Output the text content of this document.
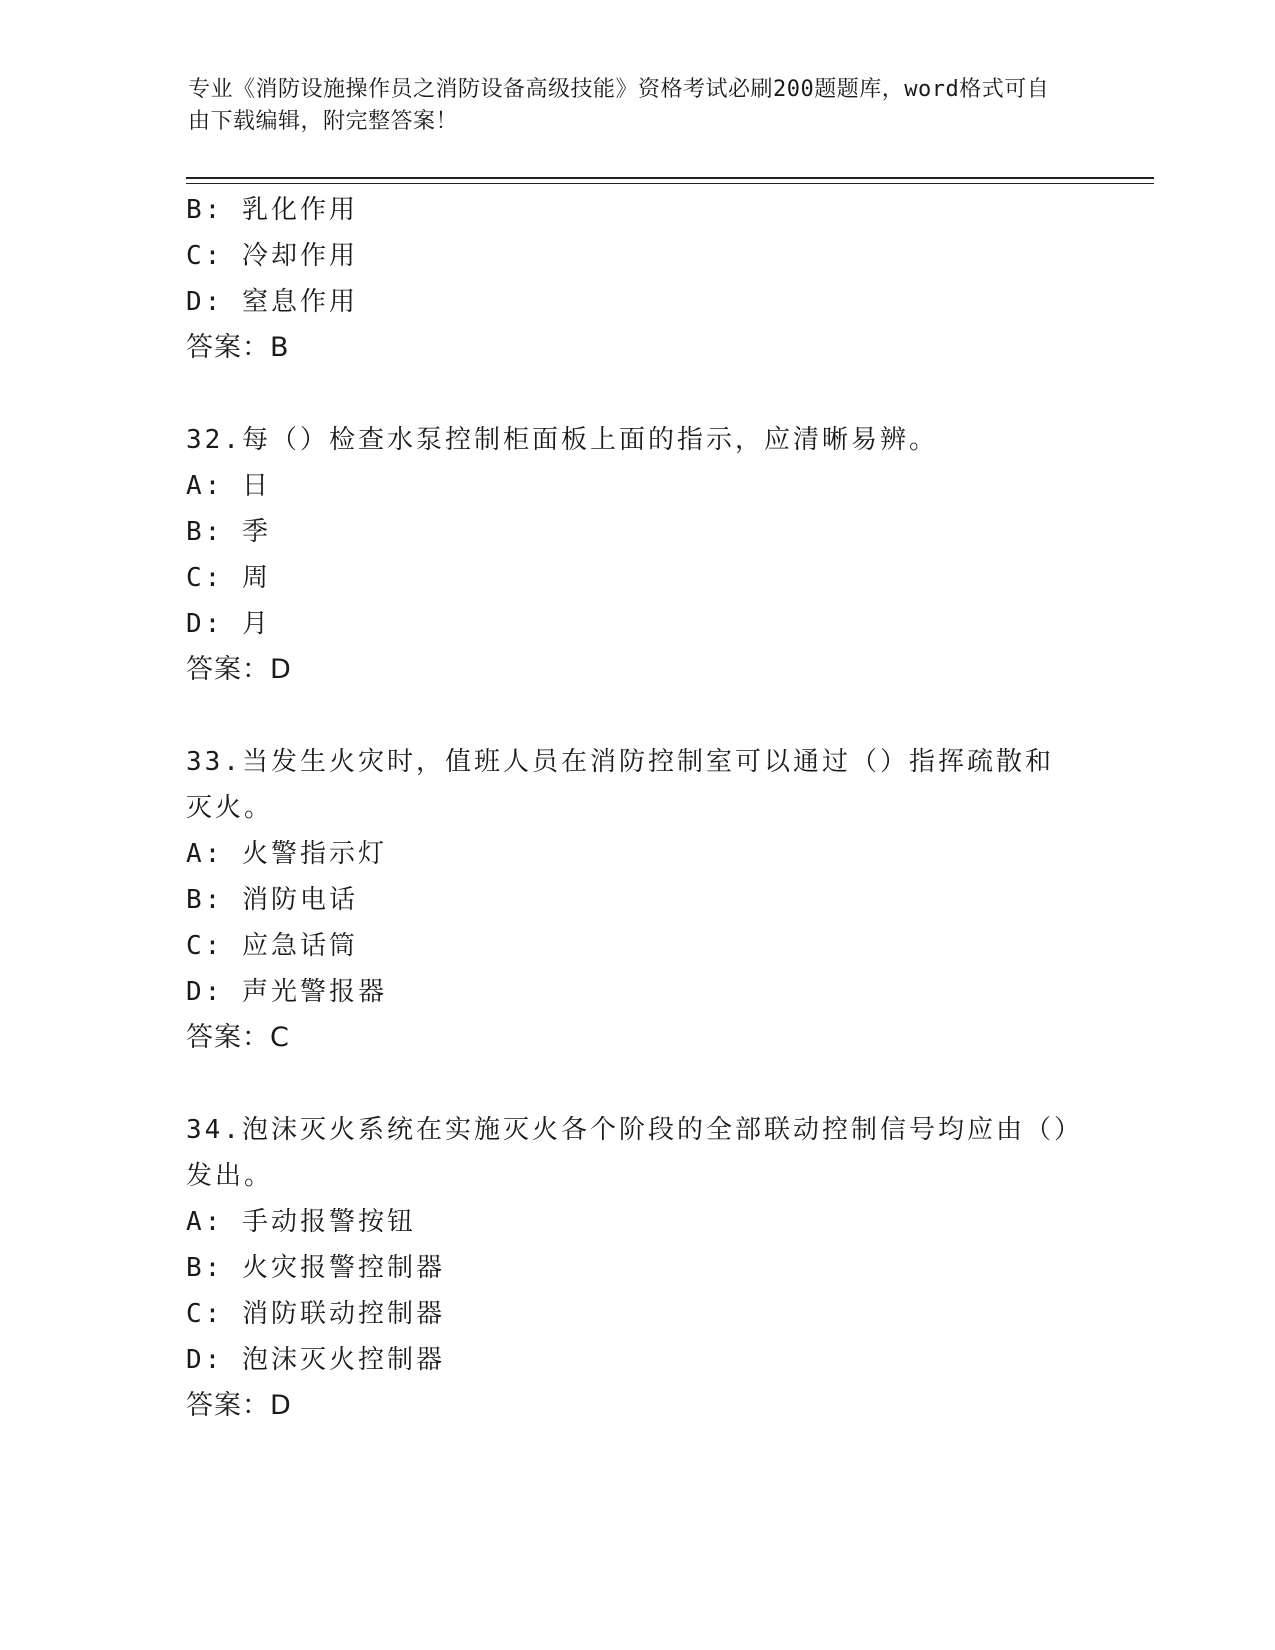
专业《消防设施操作员之消防设备高级技能》资格考试必刷200题题库，word格式可自由下载编辑，附完整答案！
B: 乳化作用
C: 冷却作用
D: 窒息作用
答案：B
32.每（）检查水泵控制柜面板上面的指示，应清晰易辨。
A: 日
B: 季
C: 周
D: 月
答案：D
33.当发生火灾时，值班人员在消防控制室可以通过（）指挥疏散和灭火。
A: 火警指示灯
B: 消防电话
C: 应急话筒
D: 声光警报器
答案：C
34.泡沫灭火系统在实施灭火各个阶段的全部联动控制信号均应由（）发出。
A: 手动报警按钮
B: 火灾报警控制器
C: 消防联动控制器
D: 泡沫灭火控制器
答案：D
